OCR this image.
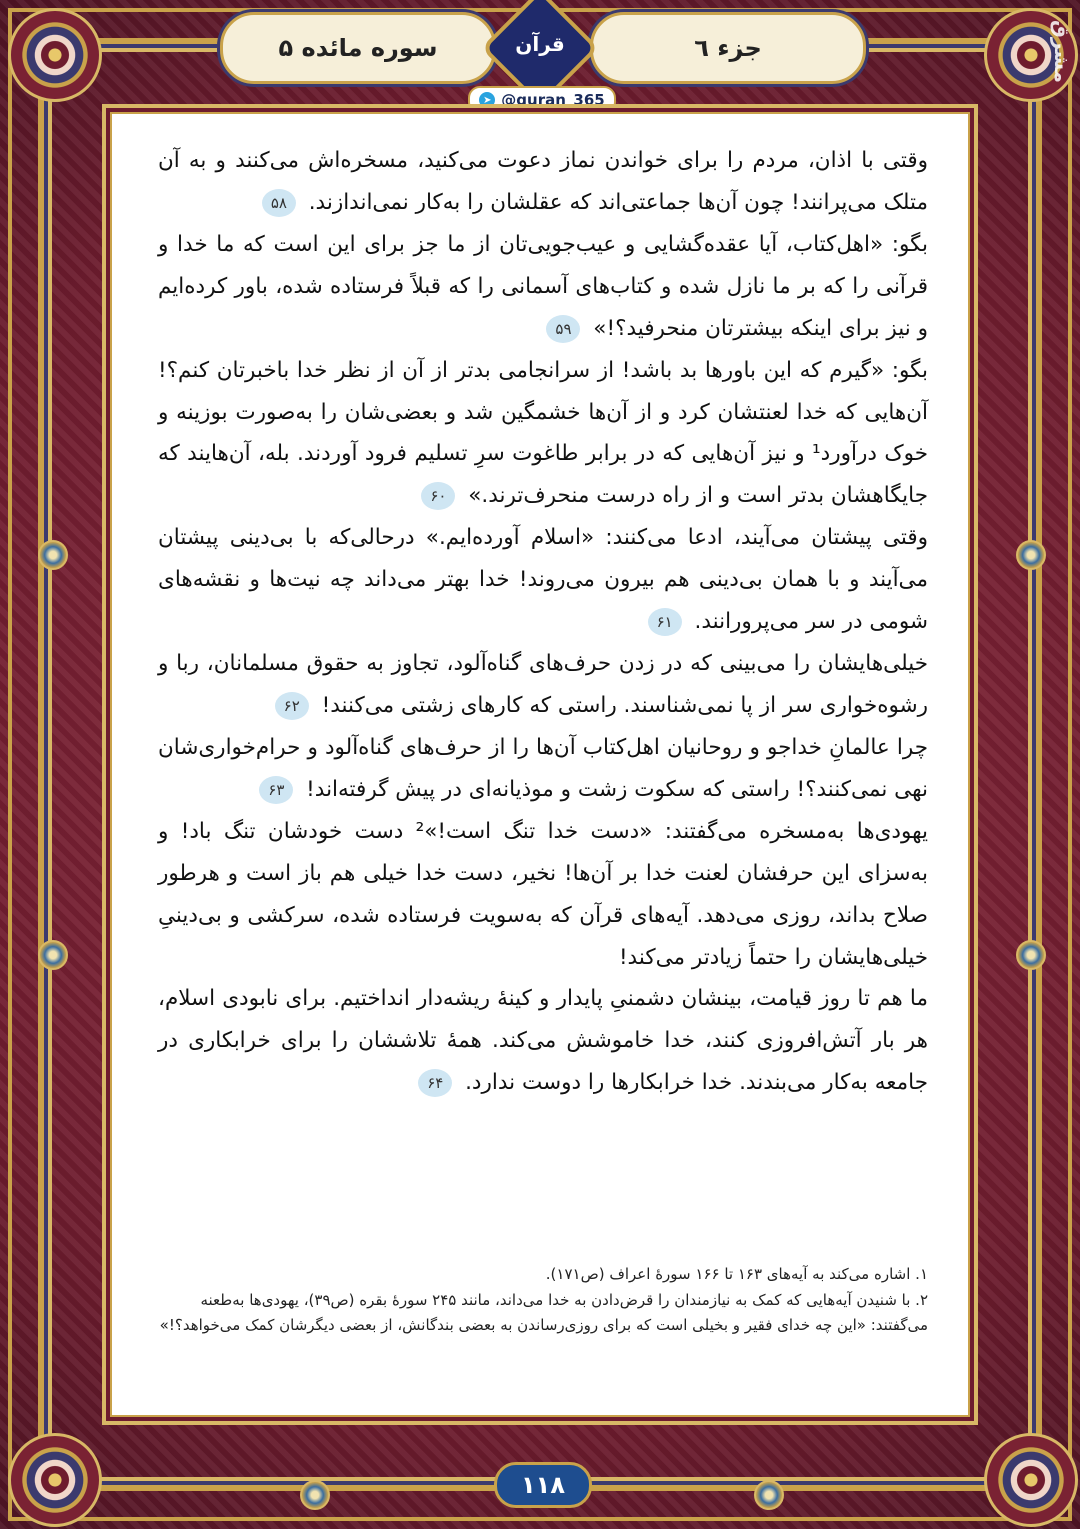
سوره مائده ۵	جزء ٦
قرآن
➤ @quran_365
مشرق

وقتی با اذان، مردم را برای خواندن نماز دعوت می‌کنید، مسخره‌اش می‌کنند و به آن متلک می‌پرانند! چون آن‌ها جماعتی‌اند که عقلشان را به‌کار نمی‌اندازند. ۵۸

بگو: «اهل‌کتاب، آیا عقده‌گشایی و عیب‌جویی‌تان از ما جز برای این است که ما خدا و قرآنی را که بر ما نازل شده و کتاب‌های آسمانی را که قبلاً فرستاده شده، باور کرده‌ایم و نیز برای اینکه بیشترتان منحرفید؟!» ۵۹

بگو: «گیرم که این باورها بد باشد! از سرانجامی بدتر از آن از نظر خدا باخبرتان کنم؟! آن‌هایی که خدا لعنتشان کرد و از آن‌ها خشمگین شد و بعضی‌شان را به‌صورت بوزینه و خوک درآورد¹ و نیز آن‌هایی که در برابر طاغوت سرِ تسلیم فرود آوردند. بله، آن‌هایند که جایگاهشان بدتر است و از راه درست منحرف‌ترند.» ۶۰

وقتی پیشتان می‌آیند، ادعا می‌کنند: «اسلام آورده‌ایم.» درحالی‌که با بی‌دینی پیشتان می‌آیند و با همان بی‌دینی هم بیرون می‌روند! خدا بهتر می‌داند چه نیت‌ها و نقشه‌های شومی در سر می‌پرورانند. ۶۱

خیلی‌هایشان را می‌بینی که در زدن حرف‌های گناه‌آلود، تجاوز به حقوق مسلمانان، ربا و رشوه‌خواری سر از پا نمی‌شناسند. راستی که کارهای زشتی می‌کنند! ۶۲

چرا عالمانِ خداجو و روحانیان اهل‌کتاب آن‌ها را از حرف‌های گناه‌آلود و حرام‌خواری‌شان نهی نمی‌کنند؟! راستی که سکوت زشت و موذیانه‌ای در پیش گرفته‌اند! ۶۳

یهودی‌ها به‌مسخره می‌گفتند: «دست خدا تنگ است!»² دست خودشان تنگ باد! و به‌سزای این حرفشان لعنت خدا بر آن‌ها! نخیر، دست خدا خیلی هم باز است و هرطور صلاح بداند، روزی می‌دهد. آیه‌های قرآن که به‌سویت فرستاده شده، سرکشی و بی‌دینیِ خیلی‌هایشان را حتماً زیادتر می‌کند!

ما هم تا روز قیامت، بینشان دشمنیِ پایدار و کینهٔ ریشه‌دار انداختیم. برای نابودی اسلام، هر بار آتش‌افروزی کنند، خدا خاموشش می‌کند. همهٔ تلاششان را برای خرابکاری در جامعه به‌کار می‌بندند. خدا خرابکارها را دوست ندارد. ۶۴

۱. اشاره می‌کند به آیه‌های ۱۶۳ تا ۱۶۶ سورهٔ اعراف (ص۱۷۱).

۲. با شنیدن آیه‌هایی که کمک به نیازمندان را قرض‌دادن به خدا می‌داند، مانند ۲۴۵ سورهٔ بقره (ص۳۹)، یهودی‌ها به‌طعنه می‌گفتند: «این چه خدای فقیر و بخیلی است که برای روزی‌رساندن به بعضی بندگانش، از بعضی دیگرشان کمک می‌خواهد؟!»

۱۱۸
